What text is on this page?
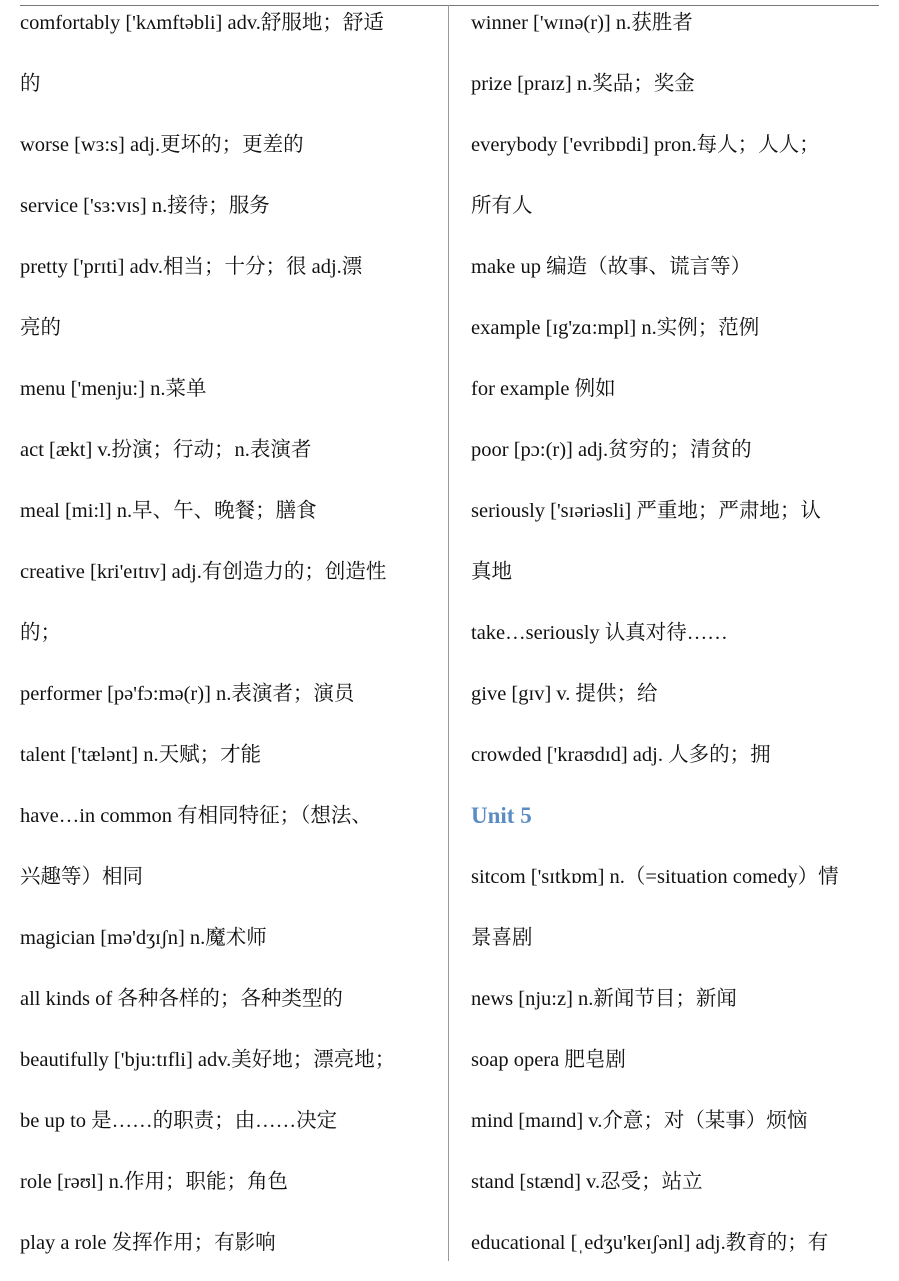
comfortably ['kʌmftəbli] adv.舒服地；舒适
的
worse [wɜ:s] adj.更坏的；更差的
service ['sɜ:vɪs] n.接待；服务
pretty ['prɪti] adv.相当；十分；很 adj.漂
亮的
menu ['menju:] n.菜单
act [ækt] v.扮演；行动；n.表演者
meal [mi:l] n.早、午、晚餐；膳食
creative [kri'eɪtɪv] adj.有创造力的；创造性
的；
performer [pə'fɔ:mə(r)] n.表演者；演员
talent ['tælənt] n.天赋；才能
have…in common 有相同特征；（想法、
兴趣等）相同
magician [mə'dʒɪʃn] n.魔术师
all kinds of 各种各样的；各种类型的
beautifully ['bju:tɪfli] adv.美好地；漂亮地；
be up to 是……的职责；由……决定
role [rəʊl] n.作用；职能；角色
play a role 发挥作用；有影响
winner ['wɪnə(r)] n.获胜者
prize [praɪz] n.奖品；奖金
everybody ['evribɒdi] pron.每人；人人；
所有人
make up 编造（故事、谎言等）
example [ɪg'zɑ:mpl] n.实例；范例
for example 例如
poor [pɔ:(r)] adj.贫穷的；清贫的
seriously ['sɪəriəsli] 严重地；严肃地；认
真地
take…seriously 认真对待……
give [gɪv] v. 提供；给
crowded ['kraʊdɪd] adj. 人多的；拥
Unit 5
sitcom ['sɪtkɒm] n.（=situation comedy）情
景喜剧
news [nju:z] n.新闻节目；新闻
soap opera 肥皂剧
mind [maɪnd] v.介意；对（某事）烦恼
stand [stænd] v.忍受；站立
educational [ˌedʒu'keɪʃənl] adj.教育的；有
